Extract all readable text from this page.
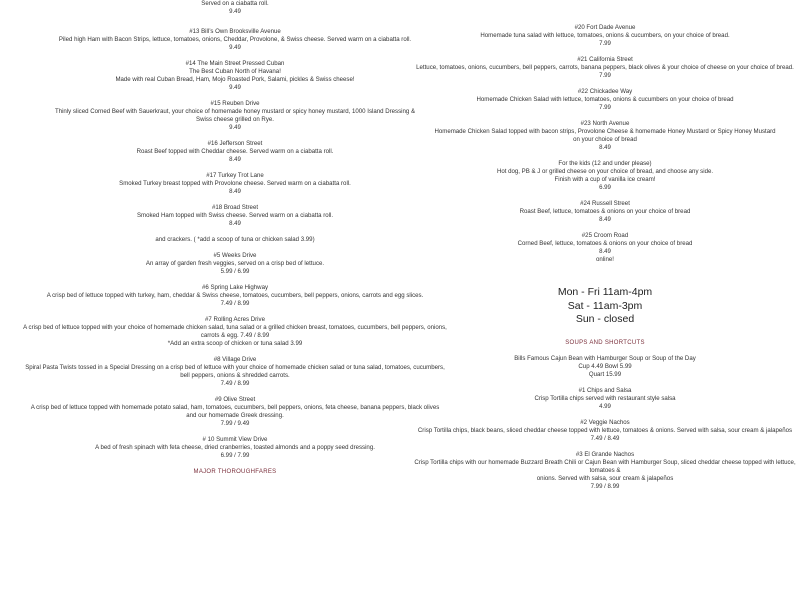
Served on a ciabatta roll.
9.49
#13 Bill’s Own Brooksville Avenue
Piled high Ham with Bacon Strips, lettuce, tomatoes, onions, Cheddar, Provolone, & Swiss cheese. Served warm on a ciabatta roll.
9.49
#14 The Main Street Pressed Cuban
The Best Cuban North of Havana!
Made with real Cuban Bread, Ham, Mojo Roasted Pork, Salami, pickles & Swiss cheese!
9.49
#15 Reuben Drive
Thinly sliced Corned Beef with Sauerkraut, your choice of homemade honey mustard or spicy honey mustard, 1000 Island Dressing &
Swiss cheese grilled on Rye.
9.49
#16 Jefferson Street
Roast Beef topped with Cheddar cheese. Served warm on a ciabatta roll.
8.49
#17 Turkey Trot Lane
Smoked Turkey breast topped with Provolone cheese. Served warm on a ciabatta roll.
8.49
#18 Broad Street
Smoked Ham topped with Swiss cheese. Served warm on a ciabatta roll.
8.49
and crackers. ( *add a scoop of tuna or chicken salad 3.99)
#5 Weeks Drive
An array of garden fresh veggies, served on a crisp bed of lettuce.
5.99 / 6.99
#6 Spring Lake Highway
A crisp bed of lettuce topped with turkey, ham, cheddar & Swiss cheese, tomatoes, cucumbers, bell peppers, onions, carrots and egg slices.
7.49 / 8.99
#7 Rolling Acres Drive
A crisp bed of lettuce topped with your choice of homemade chicken salad, tuna salad or a grilled chicken breast, tomatoes, cucumbers, bell peppers, onions,
carrots & egg. 7.49 / 8.99
*Add an extra scoop of chicken or tuna salad 3.99
#8 Village Drive
Spiral Pasta Twists tossed in a Special Dressing on a crisp bed of lettuce with your choice of homemade chicken salad or tuna salad, tomatoes, cucumbers,
bell peppers, onions & shredded carrots.
7.49 / 8.99
#9 Olive Street
A crisp bed of lettuce topped with homemade potato salad, ham, tomatoes, cucumbers, bell peppers, onions, feta cheese, banana peppers, black olives
and our homemade Greek dressing.
7.99 / 9.49
# 10 Summit View Drive
A bed of fresh spinach with feta cheese, dried cranberries, toasted almonds and a poppy seed dressing.
6.99 / 7.99
MAJOR THOROUGHFARES
#20 Fort Dade Avenue
Homemade tuna salad with lettuce, tomatoes, onions & cucumbers, on your choice of bread.
7.99
#21 California Street
Lettuce, tomatoes, onions, cucumbers, bell peppers, carrots, banana peppers, black olives & your choice of cheese on your choice of bread.
7.99
#22 Chickadee Way
Homemade Chicken Salad with lettuce, tomatoes, onions & cucumbers on your choice of bread
7.99
#23 North Avenue
Homemade Chicken Salad topped with bacon strips, Provolone Cheese & homemade Honey Mustard or Spicy Honey Mustard
on your choice of bread
8.49
For the kids (12 and under please)
Hot dog, PB & J or grilled cheese on your choice of bread, and choose any side.
Finish with a cup of vanilla ice cream!
6.99
#24 Russell Street
Roast Beef, lettuce, tomatoes & onions on your choice of bread
8.49
#25 Croom Road
Corned Beef, lettuce, tomatoes & onions on your choice of bread
8.49
online!
Mon - Fri 11am-4pm
Sat - 11am-3pm
Sun - closed
SOUPS AND SHORTCUTS
Bills Famous Cajun Bean with Hamburger Soup or Soup of the Day
Cup 4.49 Bowl 5.99
Quart 15.99
#1 Chips and Salsa
Crisp Tortilla chips served with restaurant style salsa
4.99
#2 Veggie Nachos
Crisp Tortilla chips, black beans, sliced cheddar cheese topped with lettuce, tomatoes & onions. Served with salsa, sour cream & jalapeños
7.49 / 8.49
#3 El Grande Nachos
Crisp Tortilla chips with our homemade Buzzard Breath Chili or Cajun Bean with Hamburger Soup, sliced cheddar cheese topped with lettuce, tomatoes &
onions. Served with salsa, sour cream & jalapeños
7.99 / 8.99
